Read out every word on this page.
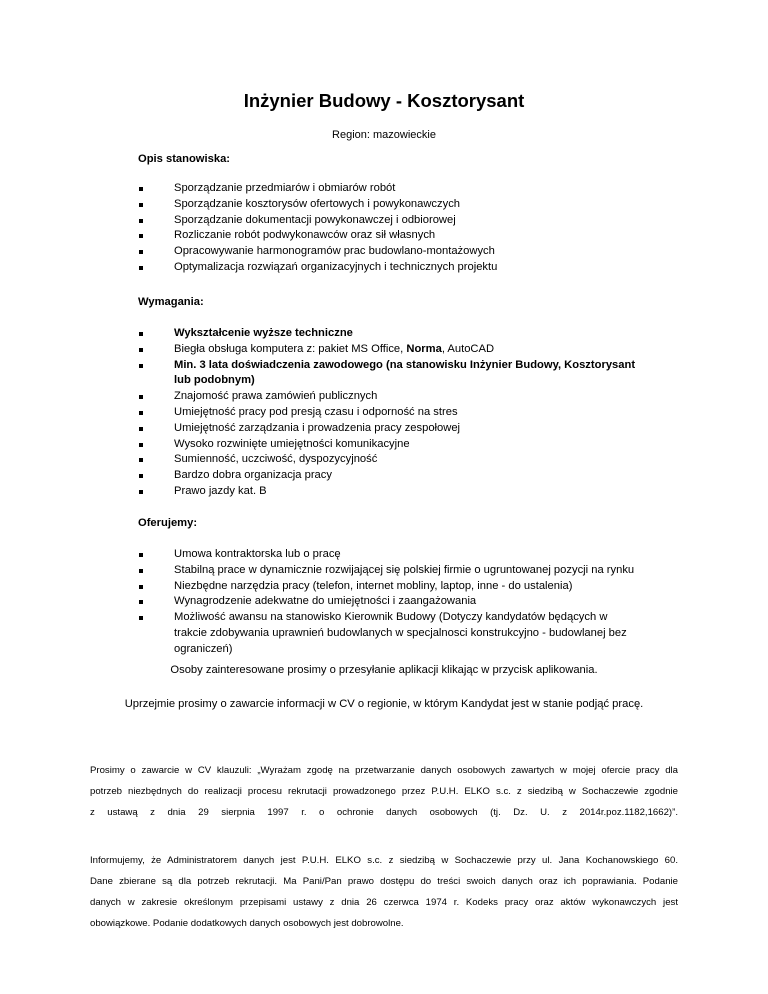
Inżynier Budowy - Kosztorysant
Region: mazowieckie
Opis stanowiska:
Sporządzanie przedmiarów i obmiarów robót
Sporządzanie kosztorysów ofertowych i powykonawczych
Sporządzanie dokumentacji powykonawczej i odbiorowej
Rozliczanie robót podwykonawców oraz sił własnych
Opracowywanie harmonogramów prac budowlano-montażowych
Optymalizacja rozwiązań organizacyjnych i technicznych projektu
Wymagania:
Wykształcenie wyższe techniczne
Biegła obsługa komputera z: pakiet MS Office, Norma, AutoCAD
Min. 3 lata doświadczenia zawodowego (na stanowisku Inżynier Budowy, Kosztorysant lub podobnym)
Znajomość prawa zamówień publicznych
Umiejętność pracy pod presją czasu i odporność na stres
Umiejętność zarządzania i prowadzenia pracy zespołowej
Wysoko rozwinięte umiejętności komunikacyjne
Sumienność, uczciwość, dyspozycyjność
Bardzo dobra organizacja pracy
Prawo jazdy kat. B
Oferujemy:
Umowa kontraktorska lub o pracę
Stabilną prace w dynamicznie rozwijającej się polskiej firmie o ugruntowanej pozycji na rynku
Niezbędne narzędzia pracy (telefon, internet mobliny, laptop, inne - do ustalenia)
Wynagrodzenie adekwatne do umiejętności i zaangażowania
Możliwość awansu na stanowisko Kierownik Budowy (Dotyczy kandydatów będących w trakcie zdobywania uprawnień budowlanych w specjalnosci konstrukcyjno - budowlanej bez ograniczeń)
Osoby zainteresowane prosimy o przesyłanie aplikacji klikając w przycisk aplikowania.
Uprzejmie prosimy o zawarcie informacji w CV o regionie, w którym Kandydat jest w stanie podjąć pracę.
Prosimy o zawarcie w CV klauzuli: „Wyrażam zgodę na przetwarzanie danych osobowych zawartych w mojej ofercie pracy dla
potrzeb niezbędnych do realizacji procesu rekrutacji prowadzonego przez P.U.H. ELKO s.c. z siedzibą w Sochaczewie zgodnie
z ustawą z dnia 29 sierpnia 1997 r. o ochronie danych osobowych (tj. Dz. U. z 2014r.poz.1182,1662)”.
Informujemy, że Administratorem danych jest P.U.H. ELKO s.c. z siedzibą w Sochaczewie przy ul. Jana Kochanowskiego 60.
Dane zbierane są dla potrzeb rekrutacji. Ma Pani/Pan prawo dostępu do treści swoich danych oraz ich poprawiania. Podanie
danych w zakresie określonym przepisami ustawy z dnia 26 czerwca 1974 r. Kodeks pracy oraz aktów wykonawczych jest
obowiązkowe. Podanie dodatkowych danych osobowych jest dobrowolne.
